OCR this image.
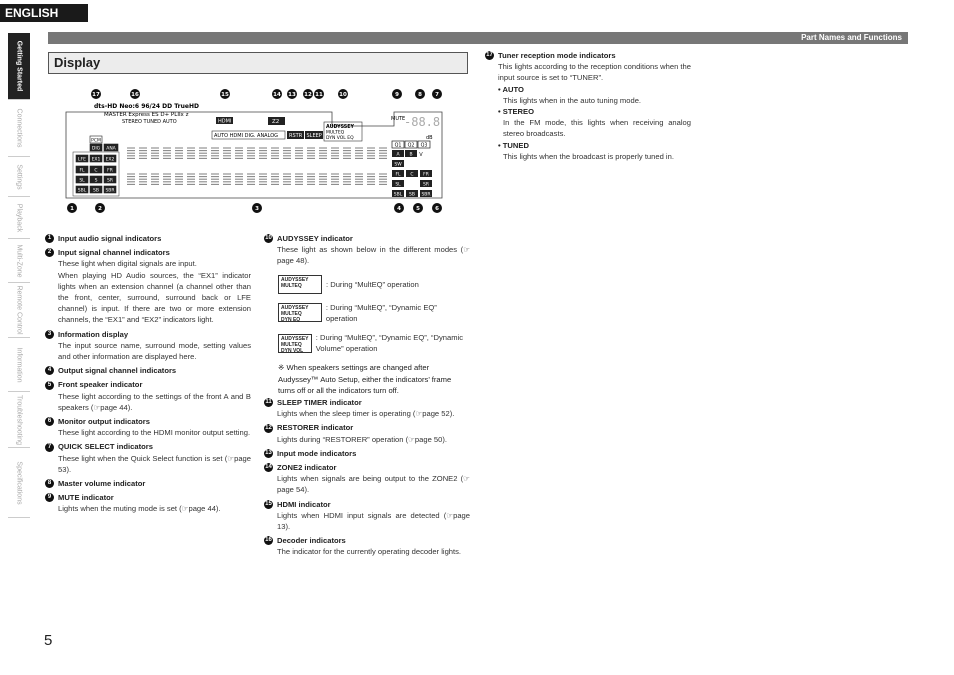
ENGLISH
Part Names and Functions
Getting Started
Connections
Settings
Playback
Multi-Zone
Remote Control
Information
Troubleshooting
Specifications
5
Display
17	16	15	14 13 12 11	10	9	8 7
1	2	3	4	5	6
dts-HD Neo:6 96/24 DD TrueHD
MASTER Express ES D+ PLIIx z
STEREO TUNED AUTO	HDMI	Z2
AUTO HDMI DIG. ANALOG RSTR SLEEP
AUDYSSEY
MULTEQ
DYN VOL EQ
MUTE
-88.8
dB
PCM
DIG ANA
LFE EX1 EX2
FL C FR
SL S SR
SBL SB SBR
A B
SW
FL C FR
SL	SR
SBL SB SBR
V
Q1 Q2 Q3
1 Input audio signal indicators
2 Input signal channel indicators
These light when digital signals are input.
When playing HD Audio sources, the “EX1” indicator lights when an extension channel (a channel other than the front, center, surround, surround back or LFE channel) is input. If there are two or more extension channels, the “EX1” and “EX2” indicators light.
3 Information display
The input source name, surround mode, setting values and other information are displayed here.
4 Output signal channel indicators
5 Front speaker indicator
These light according to the settings of the front A and B speakers (☞page 44).
6 Monitor output indicators
These light according to the HDMI monitor output setting.
7 QUICK SELECT indicators
These light when the Quick Select function is set (☞page 53).
8 Master volume indicator
9 MUTE indicator
Lights when the muting mode is set (☞page 44).
10 AUDYSSEY indicator
These light as shown below in the different modes (☞page 48).
AUDYSSEY
MULTEQ	: During “MultEQ” operation
AUDYSSEY
MULTEQ
DYN EQ
: During “MultEQ”, “Dynamic EQ” operation
AUDYSSEY
MULTEQ
DYN VOL
: During “MultEQ”, “Dynamic EQ”, “Dynamic Volume” operation
※ When speakers settings are changed after Audyssey™ Auto Setup, either the indicators’ frame turns off or all the indicators turn off.
11 SLEEP TIMER indicator
Lights when the sleep timer is operating (☞page 52).
12 RESTORER indicator
Lights during “RESTORER” operation (☞page 50).
13 Input mode indicators
14 ZONE2 indicator
Lights when signals are being output to the ZONE2 (☞page 54).
15 HDMI indicator
Lights when HDMI input signals are detected (☞page 13).
16 Decoder indicators
The indicator for the currently operating decoder lights.
17 Tuner reception mode indicators
This lights according to the reception conditions when the input source is set to “TUNER”.
• AUTO
This lights when in the auto tuning mode.
• STEREO
In the FM mode, this lights when receiving analog stereo broadcasts.
• TUNED
This lights when the broadcast is properly tuned in.
